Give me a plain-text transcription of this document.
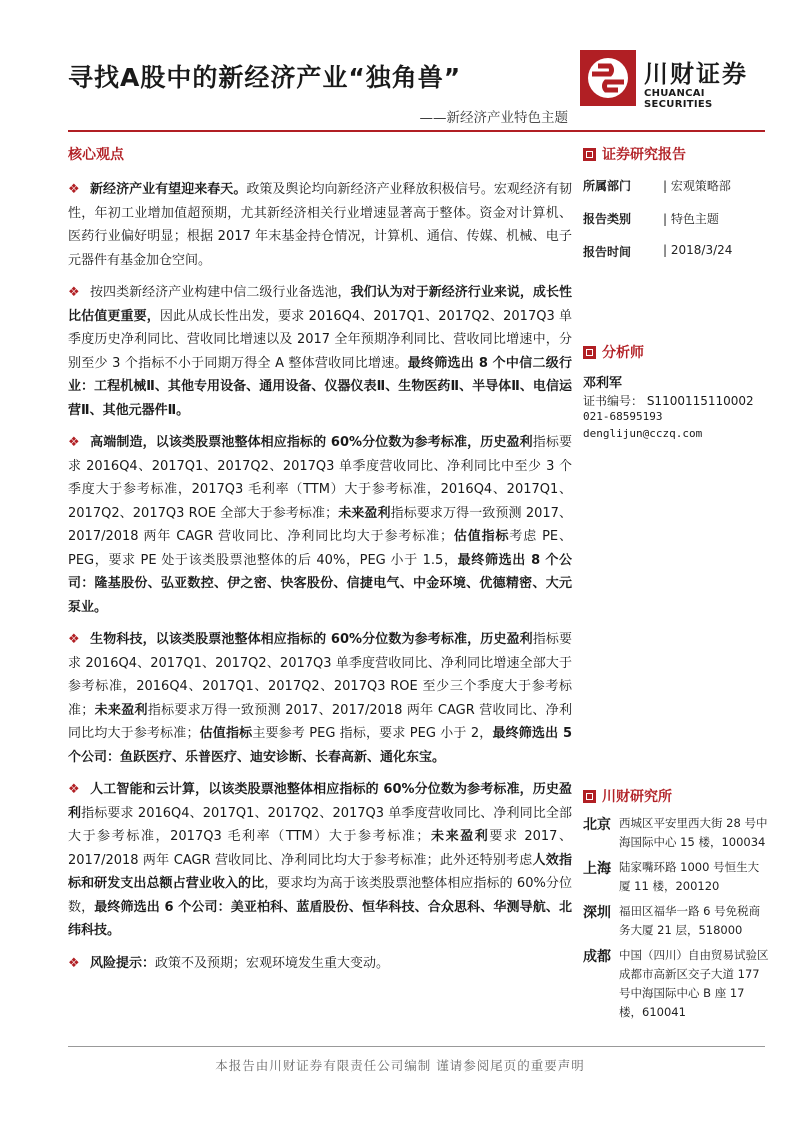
寻找A股中的新经济产业“独角兽”	川财证券
CHUANCAI SECURITIES
——新经济产业特色主题
核心观点
❖ 新经济产业有望迎来春天。政策及舆论均向新经济产业释放积极信号。宏观经济有韧性，年初工业增加值超预期，尤其新经济相关行业增速显著高于整体。资金对计算机、医药行业偏好明显；根据 2017 年末基金持仓情况，计算机、通信、传媒、机械、电子元器件有基金加仓空间。
❖ 按四类新经济产业构建中信二级行业备选池，我们认为对于新经济行业来说，成长性比估值更重要，因此从成长性出发，要求 2016Q4、2017Q1、2017Q2、2017Q3 单季度历史净利同比、营收同比增速以及 2017 全年预期净利同比、营收同比增速中，分别至少 3 个指标不小于同期万得全 A 整体营收同比增速。最终筛选出 8 个中信二级行业：工程机械Ⅱ、其他专用设备、通用设备、仪器仪表Ⅱ、生物医药Ⅱ、半导体Ⅱ、电信运营Ⅱ、其他元器件Ⅱ。
❖ 高端制造，以该类股票池整体相应指标的 60%分位数为参考标准，历史盈利指标要求 2016Q4、2017Q1、2017Q2、2017Q3 单季度营收同比、净利同比中至少 3 个季度大于参考标准，2017Q3 毛利率（TTM）大于参考标准，2016Q4、2017Q1、2017Q2、2017Q3 ROE 全部大于参考标准；未来盈利指标要求万得一致预测 2017、2017/2018 两年 CAGR 营收同比、净利同比均大于参考标准；估值指标考虑 PE、PEG，要求 PE 处于该类股票池整体的后 40%，PEG 小于 1.5，最终筛选出 8 个公司：隆基股份、弘亚数控、伊之密、快客股份、信捷电气、中金环境、优德精密、大元泵业。
❖ 生物科技，以该类股票池整体相应指标的 60%分位数为参考标准，历史盈利指标要求 2016Q4、2017Q1、2017Q2、2017Q3 单季度营收同比、净利同比增速全部大于参考标准，2016Q4、2017Q1、2017Q2、2017Q3 ROE 至少三个季度大于参考标准；未来盈利指标要求万得一致预测 2017、2017/2018 两年 CAGR 营收同比、净利同比均大于参考标准；估值指标主要参考 PEG 指标，要求 PEG 小于 2，最终筛选出 5 个公司：鱼跃医疗、乐普医疗、迪安诊断、长春高新、通化东宝。
❖ 人工智能和云计算，以该类股票池整体相应指标的 60%分位数为参考标准，历史盈利指标要求 2016Q4、2017Q1、2017Q2、2017Q3 单季度营收同比、净利同比全部大于参考标准，2017Q3 毛利率（TTM）大于参考标准；未来盈利要求 2017、2017/2018 两年 CAGR 营收同比、净利同比均大于参考标准；此外还特别考虑人效指标和研发支出总额占营业收入的比，要求均为高于该类股票池整体相应指标的 60%分位数，最终筛选出 6 个公司：美亚柏科、蓝盾股份、恒华科技、合众思科、华测导航、北纬科技。
❖ 风险提示：政策不及预期；宏观环境发生重大变动。
证券研究报告
所属部门	| 宏观策略部
报告类别	| 特色主题
报告时间	| 2018/3/24
分析师
邓利军
证书编号： S1100115110002
021-68595193
denglijun@cczq.com
川财研究所
北京 西城区平安里西大街 28 号中海国际中心 15 楼，100034
上海 陆家嘴环路 1000 号恒生大厦 11 楼，200120
深圳 福田区福华一路 6 号免税商务大厦 21 层，518000
成都 中国（四川）自由贸易试验区成都市高新区交子大道 177 号中海国际中心 B 座 17 楼，610041
本报告由川财证券有限责任公司编制 谨请参阅尾页的重要声明
